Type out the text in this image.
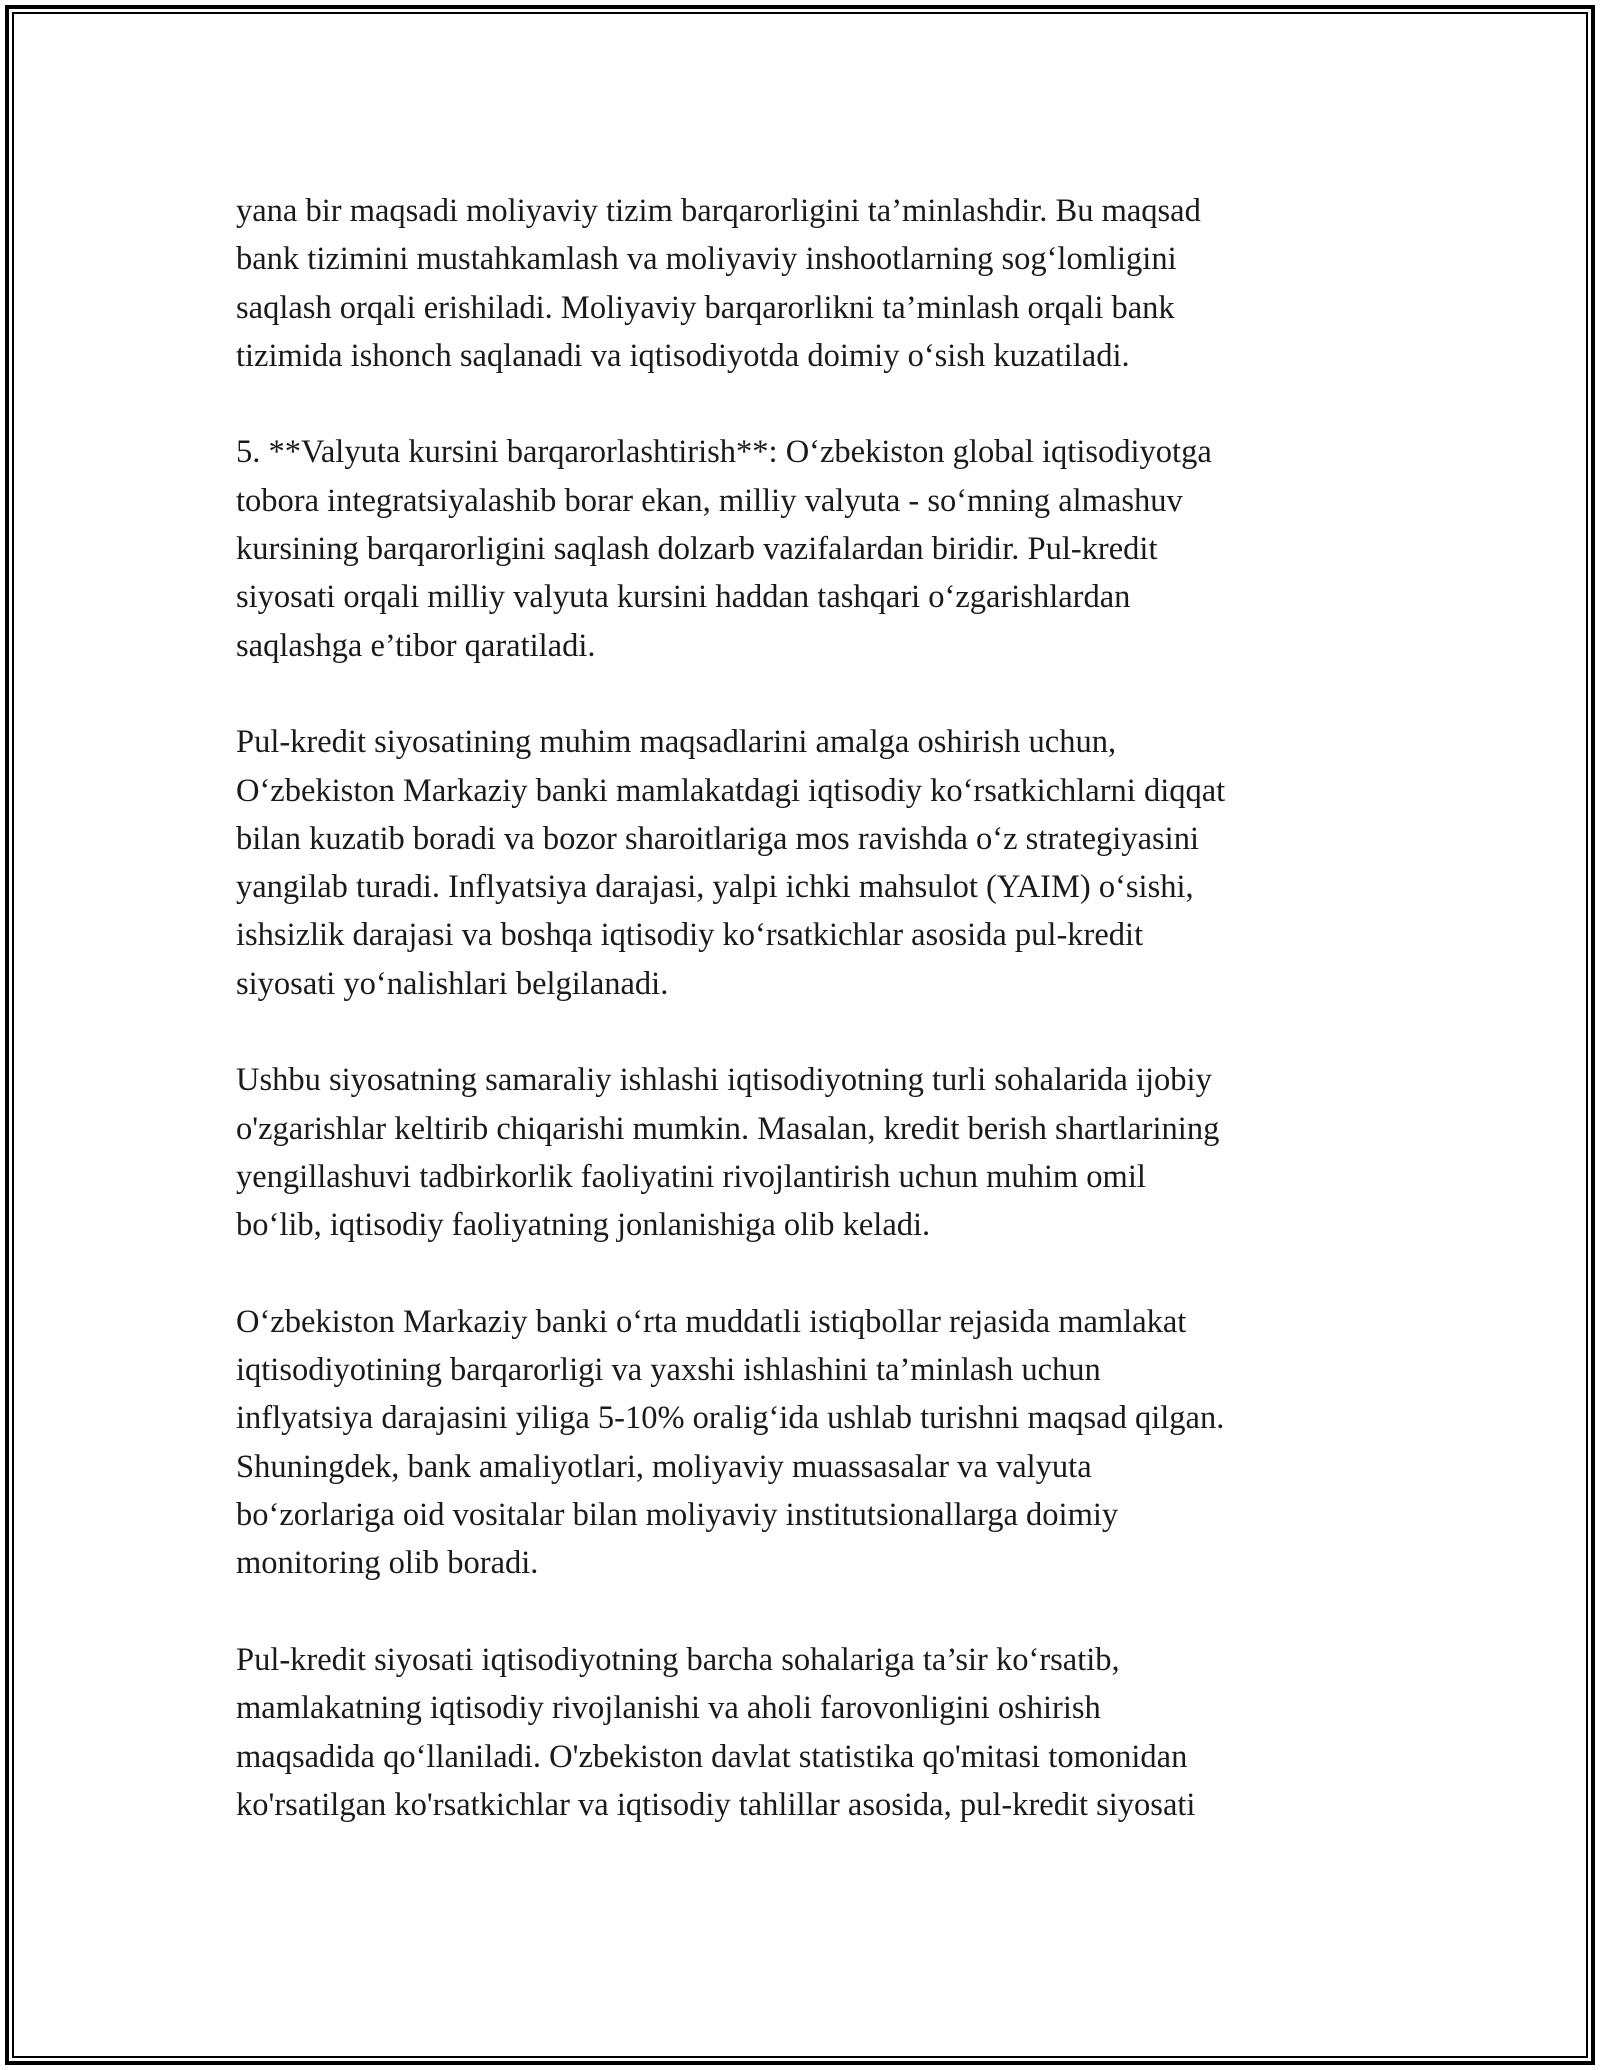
yana bir maqsadi moliyaviy tizim barqarorligini ta’minlashdir. Bu maqsad
bank tizimini mustahkamlash va moliyaviy inshootlarning sog‘lomligini
saqlash orqali erishiladi. Moliyaviy barqarorlikni ta’minlash orqali bank
tizimida ishonch saqlanadi va iqtisodiyotda doimiy o‘sish kuzatiladi.
5. **Valyuta kursini barqarorlashtirish**: O‘zbekiston global iqtisodiyotga
tobora integratsiyalashib borar ekan, milliy valyuta - so‘mning almashuv
kursining barqarorligini saqlash dolzarb vazifalardan biridir. Pul-kredit
siyosati orqali milliy valyuta kursini haddan tashqari o‘zgarishlardan
saqlashga e’tibor qaratiladi.
Pul-kredit siyosatining muhim maqsadlarini amalga oshirish uchun,
O‘zbekiston Markaziy banki mamlakatdagi iqtisodiy ko‘rsatkichlarni diqqat
bilan kuzatib boradi va bozor sharoitlariga mos ravishda o‘z strategiyasini
yangilab turadi. Inflyatsiya darajasi, yalpi ichki mahsulot (YAIM) o‘sishi,
ishsizlik darajasi va boshqa iqtisodiy ko‘rsatkichlar asosida pul-kredit
siyosati yo‘nalishlari belgilanadi.
Ushbu siyosatning samaraliy ishlashi iqtisodiyotning turli sohalarida ijobiy
o'zgarishlar keltirib chiqarishi mumkin. Masalan, kredit berish shartlarining
yengillashuvi tadbirkorlik faoliyatini rivojlantirish uchun muhim omil
bo‘lib, iqtisodiy faoliyatning jonlanishiga olib keladi.
O‘zbekiston Markaziy banki o‘rta muddatli istiqbollar rejasida mamlakat
iqtisodiyotining barqarorligi va yaxshi ishlashini ta’minlash uchun
inflyatsiya darajasini yiliga 5-10% oralig‘ida ushlab turishni maqsad qilgan.
Shuningdek, bank amaliyotlari, moliyaviy muassasalar va valyuta
bo‘zorlariga oid vositalar bilan moliyaviy institutsionallarga doimiy
monitoring olib boradi.
Pul-kredit siyosati iqtisodiyotning barcha sohalariga ta’sir ko‘rsatib,
mamlakatning iqtisodiy rivojlanishi va aholi farovonligini oshirish
maqsadida qo‘llaniladi. O'zbekiston davlat statistika qo'mitasi tomonidan
ko'rsatilgan ko'rsatkichlar va iqtisodiy tahlillar asosida, pul-kredit siyosati
